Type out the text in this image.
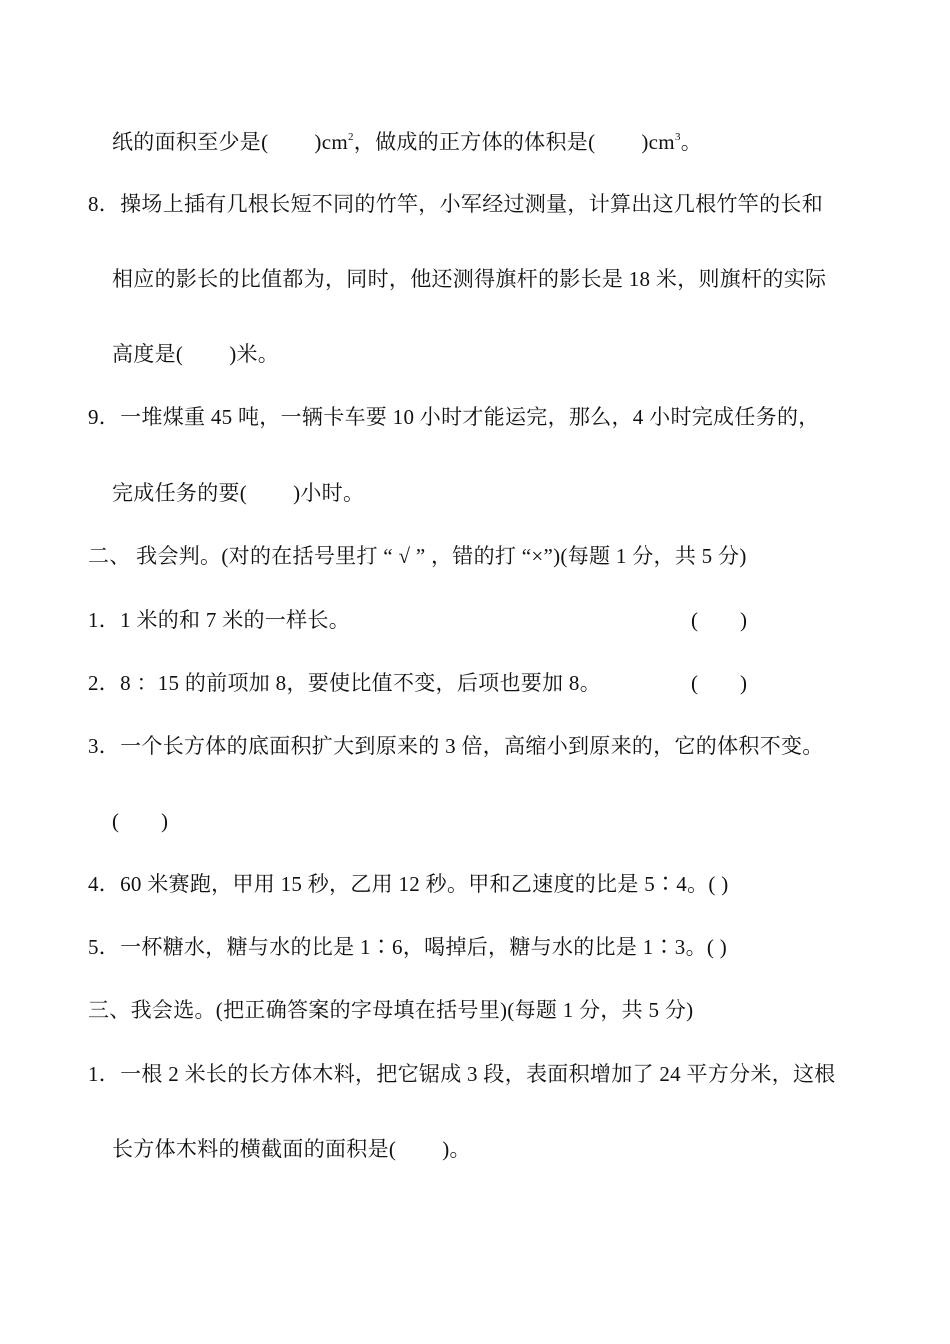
纸的面积至少是( )$cm^2$，做成的正方体的体积是( )$cm^3$。
8．操场上插有几根长短不同的竹竿，小军经过测量，计算出这几根竹竿的长和
相应的影长的比值都为，同时，他还测得旗杆的影长是 18 米，则旗杆的实际
高度是( )米。
9．一堆煤重 45 吨，一辆卡车要 10 小时才能运完，那么，4 小时完成任务的，
完成任务的要( )小时。
二、 我会判。(对的在括号里打 “ √ ” ，错的打 “×”)(每题 1 分，共 5 分)
1．1 米的和 7 米的一样长。	(        )
2．8 ：15 的前项加 8，要使比值不变，后项也要加 8。	(        )
3．一个长方体的底面积扩大到原来的 3 倍，高缩小到原来的，它的体积不变。
(        )
4．60 米赛跑，甲用 15 秒，乙用 12 秒。甲和乙速度的比是 5∶4。( )
5．一杯糖水，糖与水的比是 1∶6，喝掉后，糖与水的比是 1∶3。( )
三、我会选。(把正确答案的字母填在括号里)(每题 1 分，共 5 分)
1．一根 2 米长的长方体木料，把它锯成 3 段，表面积增加了 24 平方分米，这根
长方体木料的横截面的面积是( )。
